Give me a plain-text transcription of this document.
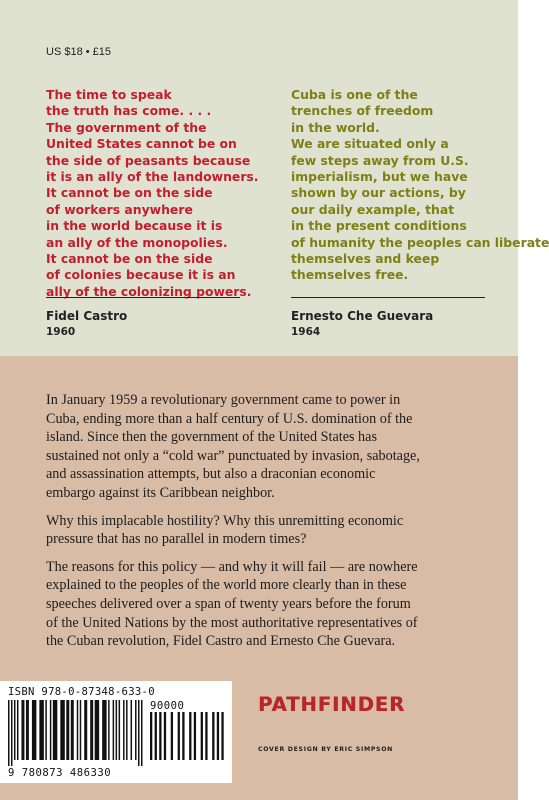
US $18 • £15
The time to speak
the truth has come. . . .
The government of the
United States cannot be on
the side of peasants because
it is an ally of the landowners.
It cannot be on the side
of workers anywhere
in the world because it is
an ally of the monopolies.
It cannot be on the side
of colonies because it is an
ally of the colonizing powers.
Cuba is one of the
trenches of freedom
in the world.
We are situated only a
few steps away from U.S.
imperialism, but we have
shown by our actions, by
our daily example, that
in the present conditions
of humanity the peoples can liberate
themselves and keep
themselves free.
Fidel Castro
1960
Ernesto Che Guevara
1964

In January 1959 a revolutionary government came to power in
Cuba, ending more than a half century of U.S. domination of the
island. Since then the government of the United States has
sustained not only a “cold war” punctuated by invasion, sabotage,
and assassination attempts, but also a draconian economic
embargo against its Caribbean neighbor.

Why this implacable hostility? Why this unremitting economic
pressure that has no parallel in modern times?

The reasons for this policy — and why it will fail — are nowhere
explained to the peoples of the world more clearly than in these
speeches delivered over a span of twenty years before the forum
of the United Nations by the most authoritative representatives of
the Cuban revolution, Fidel Castro and Ernesto Che Guevara.

ISBN 978-0-87348-633-0
9 780873 486330
90000	PATHFINDER
COVER DESIGN BY ERIC SIMPSON
